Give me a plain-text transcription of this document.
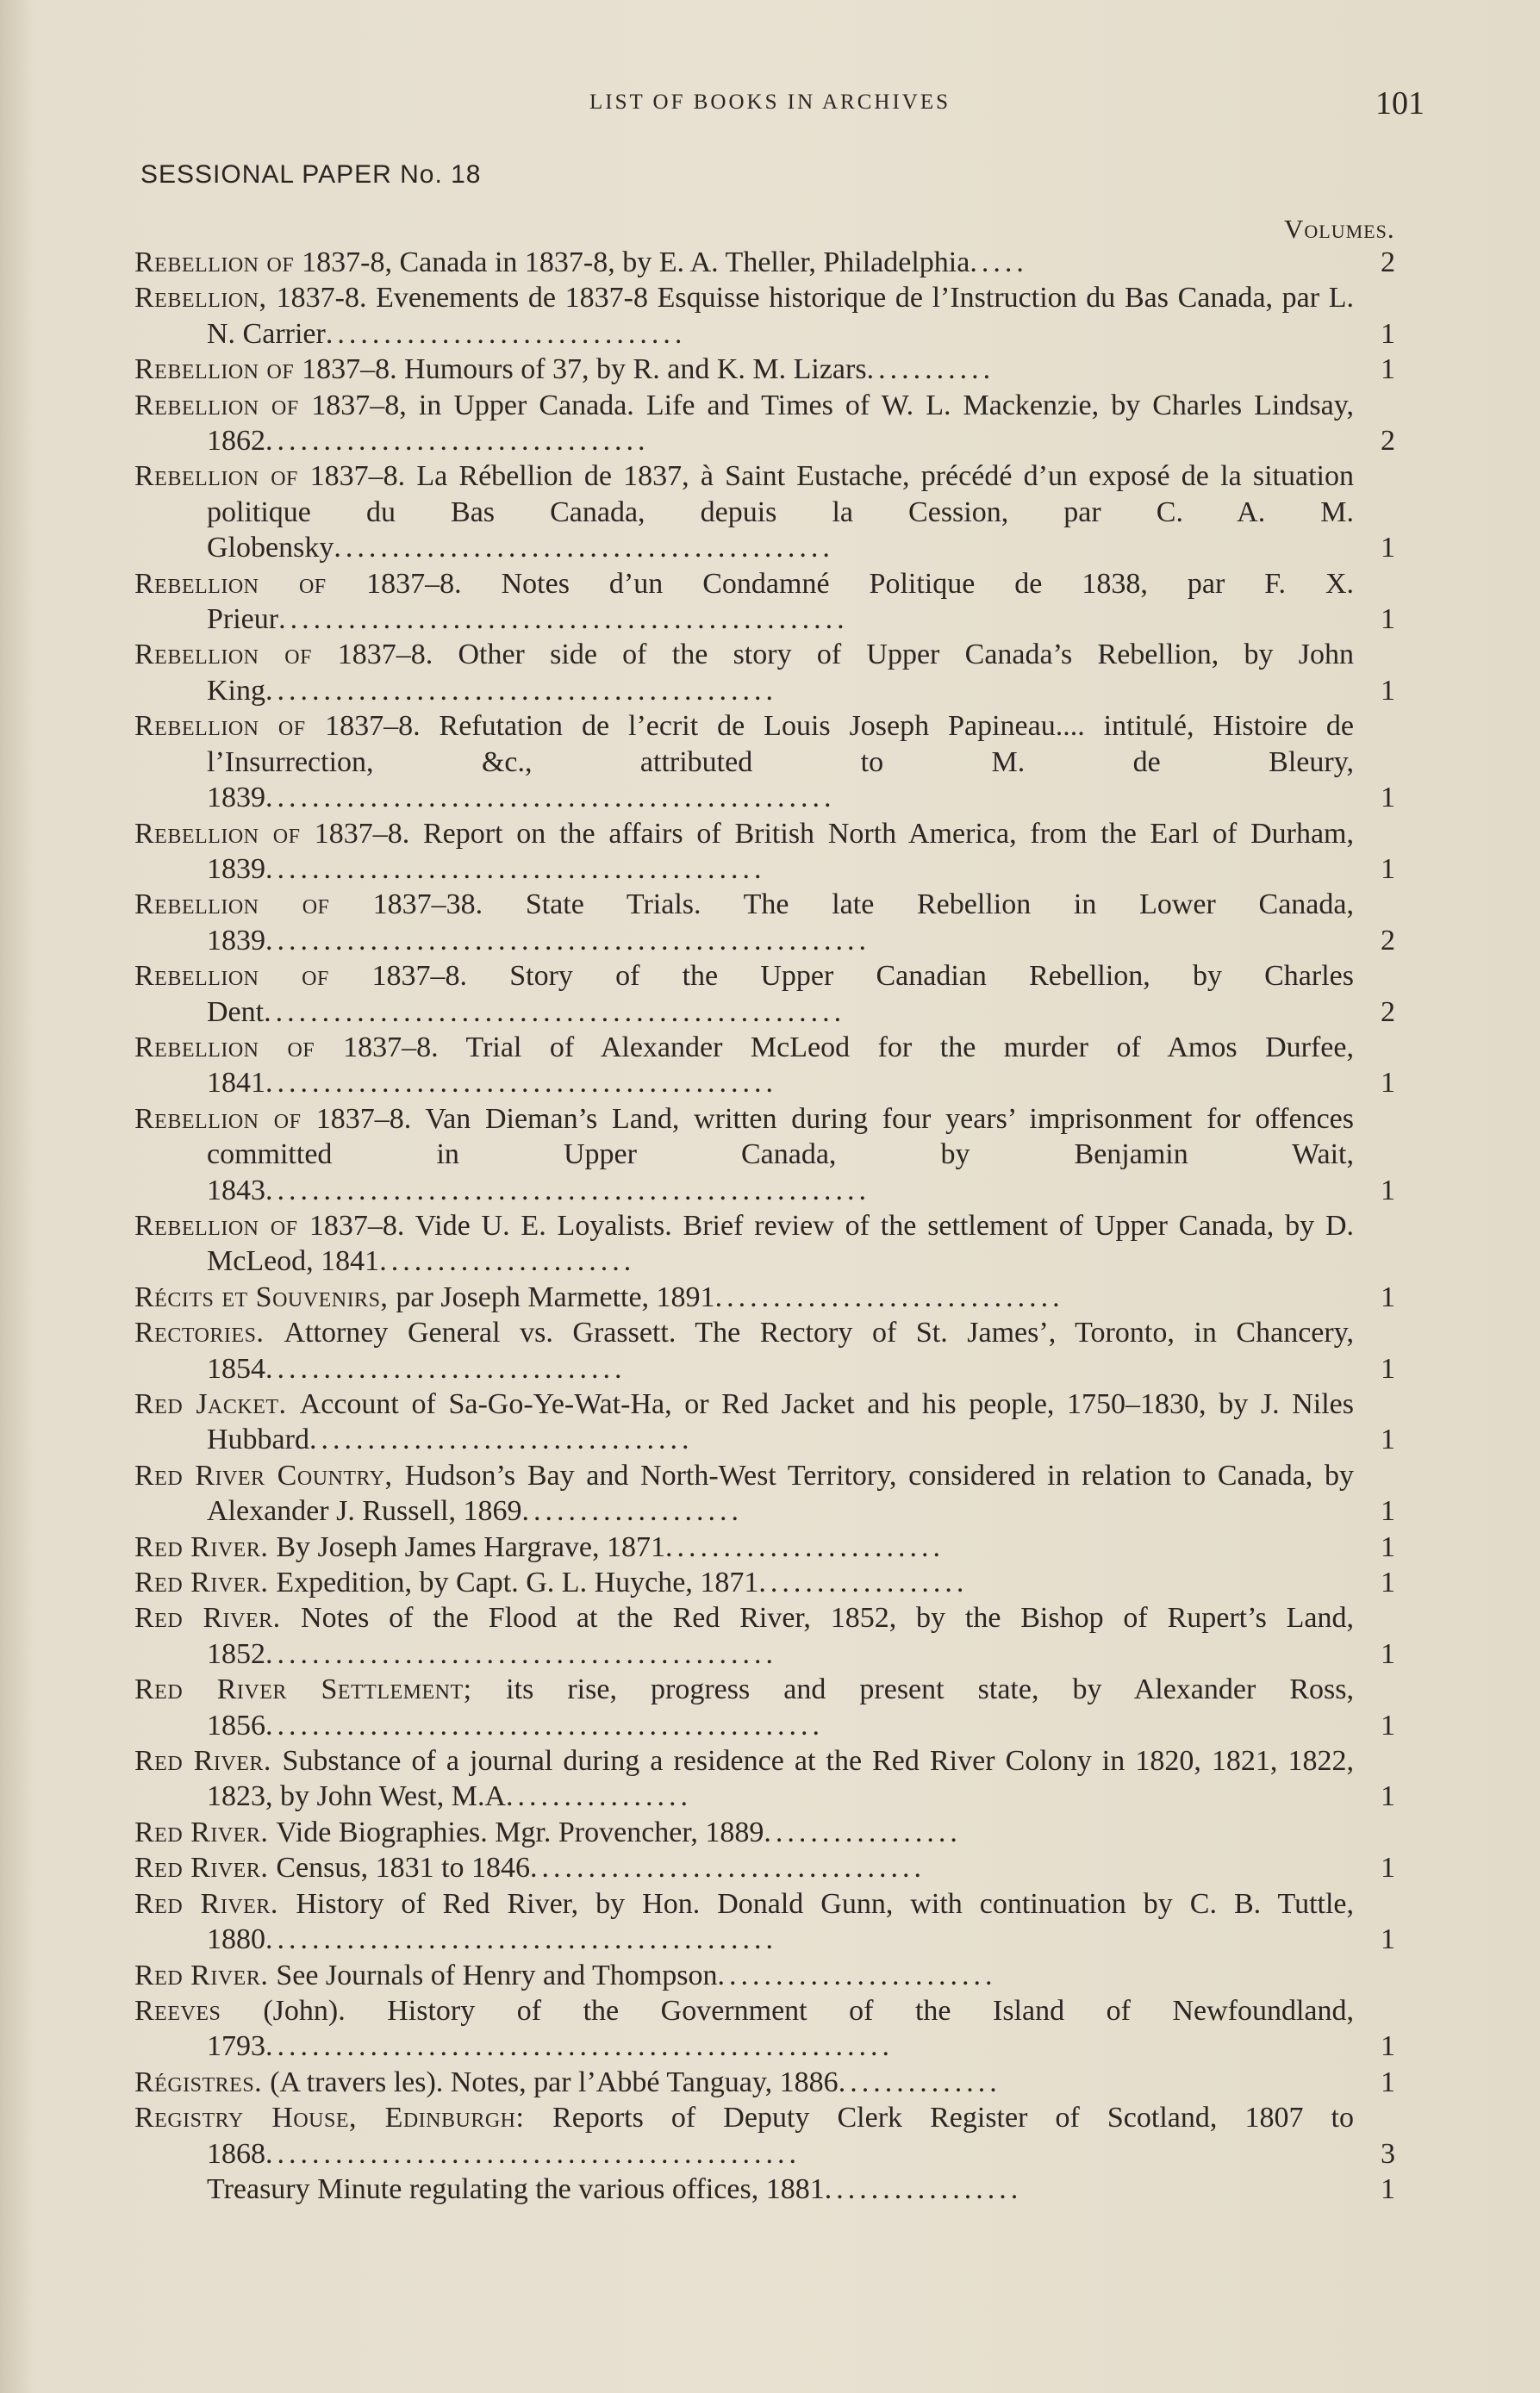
LIST OF BOOKS IN ARCHIVES	101
SESSIONAL PAPER No. 18
Volumes.
Rebellion of 1837-8, Canada in 1837-8, by E. A. Theller, Philadelphia.....	2
Rebellion, 1837-8. Evenements de 1837-8 Esquisse historique de l’Instruction du Bas Canada, par L. N. Carrier...............................	1
Rebellion of 1837–8. Humours of 37, by R. and K. M. Lizars...........	1
Rebellion of 1837–8, in Upper Canada. Life and Times of W. L. Mackenzie, by Charles Lindsay, 1862.................................	2
Rebellion of 1837–8. La Rébellion de 1837, à Saint Eustache, précédé d’un exposé de la situation politique du Bas Canada, depuis la Cession, par C. A. M. Globensky...........................................	1
Rebellion of 1837–8. Notes d’un Condamné Politique de 1838, par F. X. Prieur.................................................	1
Rebellion of 1837–8. Other side of the story of Upper Canada’s Rebellion, by John King............................................	1
Rebellion of 1837–8. Refutation de l’ecrit de Louis Joseph Papineau.... intitulé, Histoire de l’Insurrection, &c., attributed to M. de Bleury, 1839.................................................	1
Rebellion of 1837–8. Report on the affairs of British North America, from the Earl of Durham, 1839...........................................	1
Rebellion of 1837–38. State Trials. The late Rebellion in Lower Canada, 1839....................................................	2
Rebellion of 1837–8. Story of the Upper Canadian Rebellion, by Charles Dent..................................................	2
Rebellion of 1837–8. Trial of Alexander McLeod for the murder of Amos Durfee, 1841............................................	1
Rebellion of 1837–8. Van Dieman’s Land, written during four years’ imprisonment for offences committed in Upper Canada, by Benjamin Wait, 1843....................................................	1
Rebellion of 1837–8. Vide U. E. Loyalists. Brief review of the settlement of Upper Canada, by D. McLeod, 1841......................
Récits et Souvenirs, par Joseph Marmette, 1891..............................	1
Rectories. Attorney General vs. Grassett. The Rectory of St. James’, Toronto, in Chancery, 1854...............................	1
Red Jacket. Account of Sa-Go-Ye-Wat-Ha, or Red Jacket and his people, 1750–1830, by J. Niles Hubbard.................................	1
Red River Country, Hudson’s Bay and North-West Territory, considered in relation to Canada, by Alexander J. Russell, 1869...................	1
Red River. By Joseph James Hargrave, 1871........................	1
Red River. Expedition, by Capt. G. L. Huyche, 1871..................	1
Red River. Notes of the Flood at the Red River, 1852, by the Bishop of Rupert’s Land, 1852............................................	1
Red River Settlement; its rise, progress and present state, by Alexander Ross, 1856................................................	1
Red River. Substance of a journal during a residence at the Red River Colony in 1820, 1821, 1822, 1823, by John West, M.A................	1
Red River. Vide Biographies. Mgr. Provencher, 1889.................
Red River. Census, 1831 to 1846..................................	1
Red River. History of Red River, by Hon. Donald Gunn, with continuation by C. B. Tuttle, 1880............................................	1
Red River. See Journals of Henry and Thompson........................
Reeves (John). History of the Government of the Island of Newfoundland, 1793......................................................	1
Régistres. (A travers les). Notes, par l’Abbé Tanguay, 1886..............	1
Registry House, Edinburgh: Reports of Deputy Clerk Register of Scotland, 1807 to 1868..............................................	3
Treasury Minute regulating the various offices, 1881.................	1
